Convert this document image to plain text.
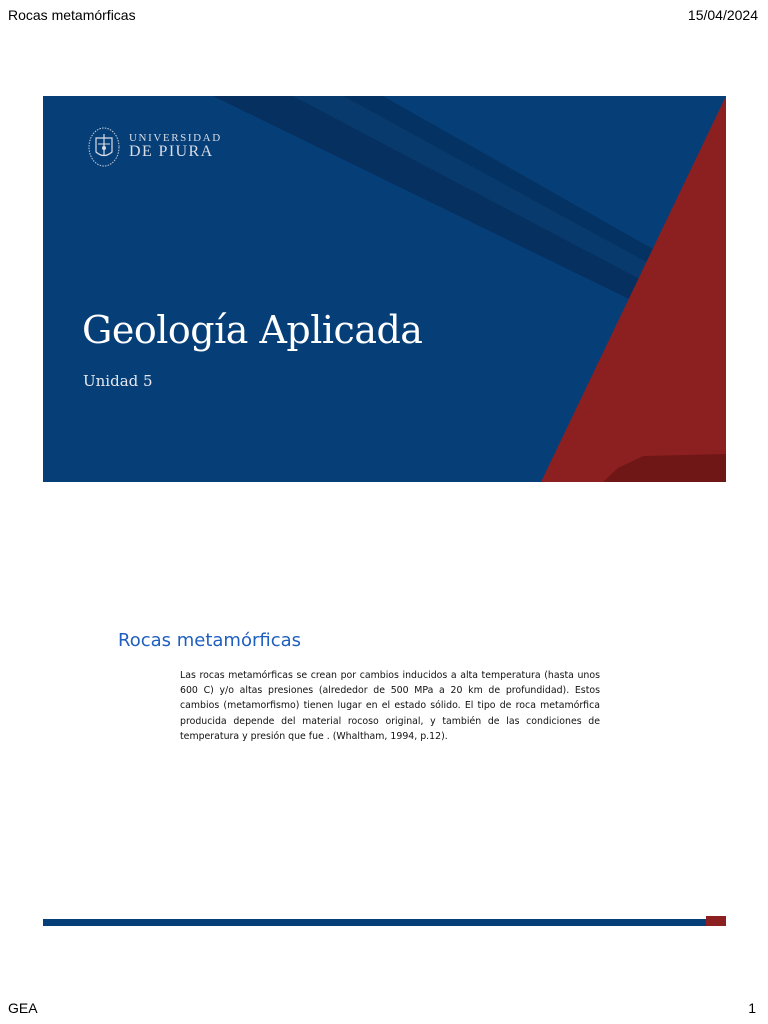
Rocas metamórficas	15/04/2024
UNIVERSIDAD
DE PIURA
Geología Aplicada
Unidad 5
Rocas metamórficas
Las rocas metamórficas se crean por cambios inducidos a alta temperatura (hasta unos 600 C) y/o altas presiones (alrededor de 500 MPa a 20 km de profundidad). Estos cambios (metamorfismo) tienen lugar en el estado sólido. El tipo de roca metamórfica producida depende del material rocoso original, y también de las condiciones de temperatura y presión que fue . (Whaltham, 1994, p.12).
GEA	1
